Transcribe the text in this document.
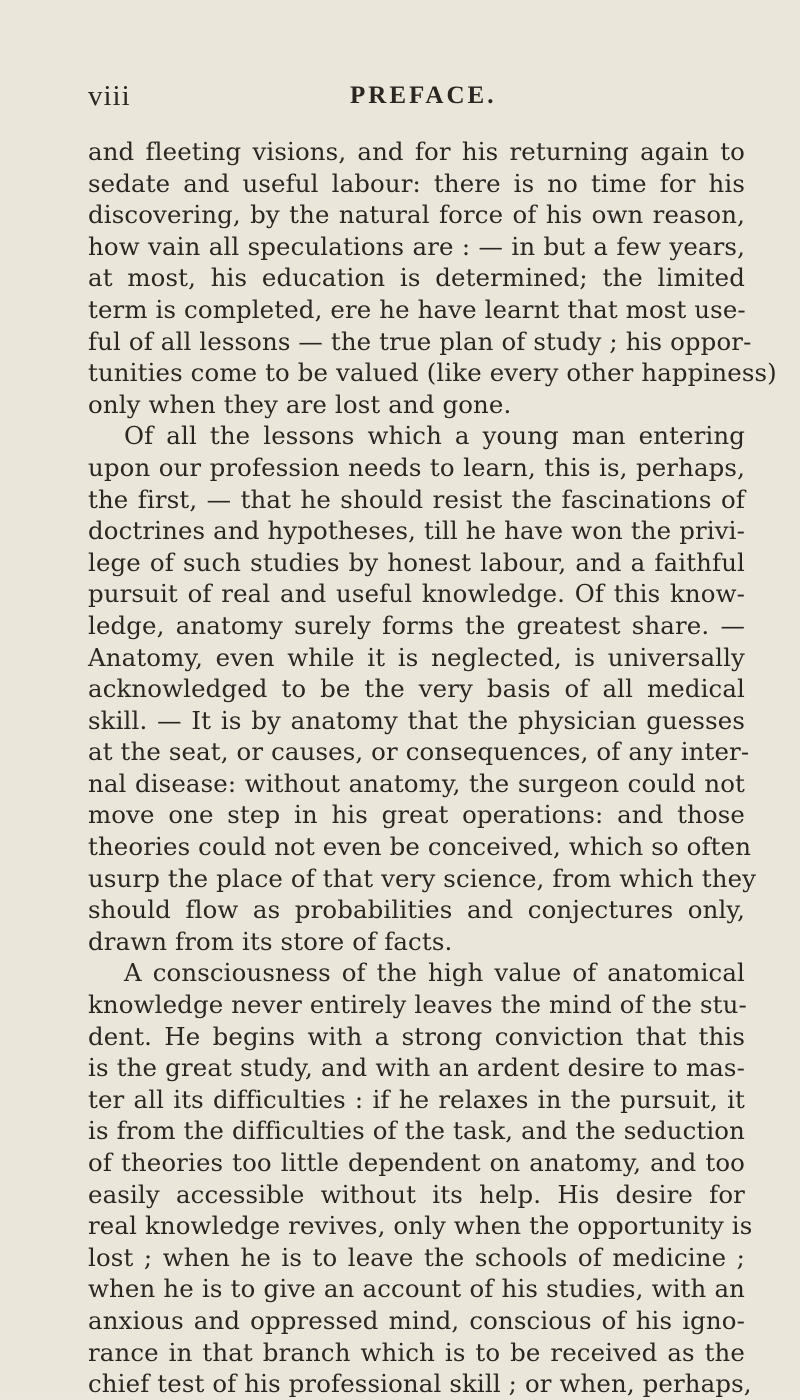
viii	PREFACE.
and fleeting visions, and for his returning again to
sedate and useful labour: there is no time for his
discovering, by the natural force of his own reason,
how vain all speculations are : — in but a few years,
at most, his education is determined; the limited
term is completed, ere he have learnt that most use-
ful of all lessons — the true plan of study ; his oppor-
tunities come to be valued (like every other happiness)
only when they are lost and gone.
Of all the lessons which a young man entering
upon our profession needs to learn, this is, perhaps,
the first, — that he should resist the fascinations of
doctrines and hypotheses, till he have won the privi-
lege of such studies by honest labour, and a faithful
pursuit of real and useful knowledge. Of this know-
ledge, anatomy surely forms the greatest share. —
Anatomy, even while it is neglected, is universally
acknowledged to be the very basis of all medical
skill. — It is by anatomy that the physician guesses
at the seat, or causes, or consequences, of any inter-
nal disease: without anatomy, the surgeon could not
move one step in his great operations: and those
theories could not even be conceived, which so often
usurp the place of that very science, from which they
should flow as probabilities and conjectures only,
drawn from its store of facts.
A consciousness of the high value of anatomical
knowledge never entirely leaves the mind of the stu-
dent. He begins with a strong conviction that this
is the great study, and with an ardent desire to mas-
ter all its difficulties : if he relaxes in the pursuit, it
is from the difficulties of the task, and the seduction
of theories too little dependent on anatomy, and too
easily accessible without its help. His desire for
real knowledge revives, only when the opportunity is
lost ; when he is to leave the schools of medicine ;
when he is to give an account of his studies, with an
anxious and oppressed mind, conscious of his igno-
rance in that branch which is to be received as the
chief test of his professional skill ; or when, perhaps,
